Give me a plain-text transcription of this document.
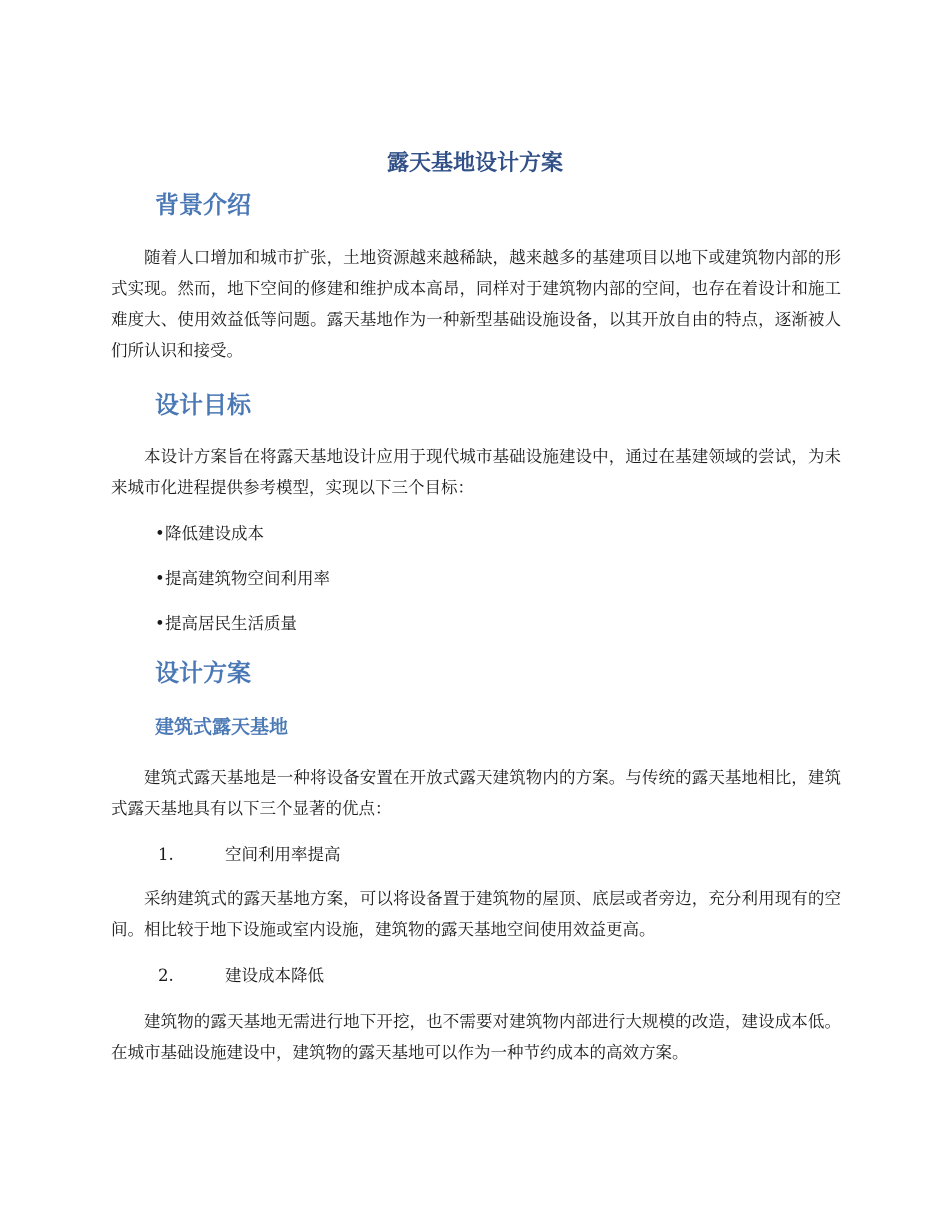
露天基地设计方案
背景介绍

随着人口增加和城市扩张，土地资源越来越稀缺，越来越多的基建项目以地下或建筑物内部的形式实现。然而，地下空间的修建和维护成本高昂，同样对于建筑物内部的空间，也存在着设计和施工难度大、使用效益低等问题。露天基地作为一种新型基础设施设备，以其开放自由的特点，逐渐被人们所认识和接受。

设计目标

本设计方案旨在将露天基地设计应用于现代城市基础设施建设中，通过在基建领域的尝试，为未来城市化进程提供参考模型，实现以下三个目标：

•降低建设成本

•提高建筑物空间利用率

•提高居民生活质量

设计方案
建筑式露天基地

建筑式露天基地是一种将设备安置在开放式露天建筑物内的方案。与传统的露天基地相比，建筑式露天基地具有以下三个显著的优点：

1.	空间利用率提高

采纳建筑式的露天基地方案，可以将设备置于建筑物的屋顶、底层或者旁边，充分利用现有的空间。相比较于地下设施或室内设施，建筑物的露天基地空间使用效益更高。

2.	建设成本降低

建筑物的露天基地无需进行地下开挖，也不需要对建筑物内部进行大规模的改造，建设成本低。在城市基础设施建设中，建筑物的露天基地可以作为一种节约成本的高效方案。
